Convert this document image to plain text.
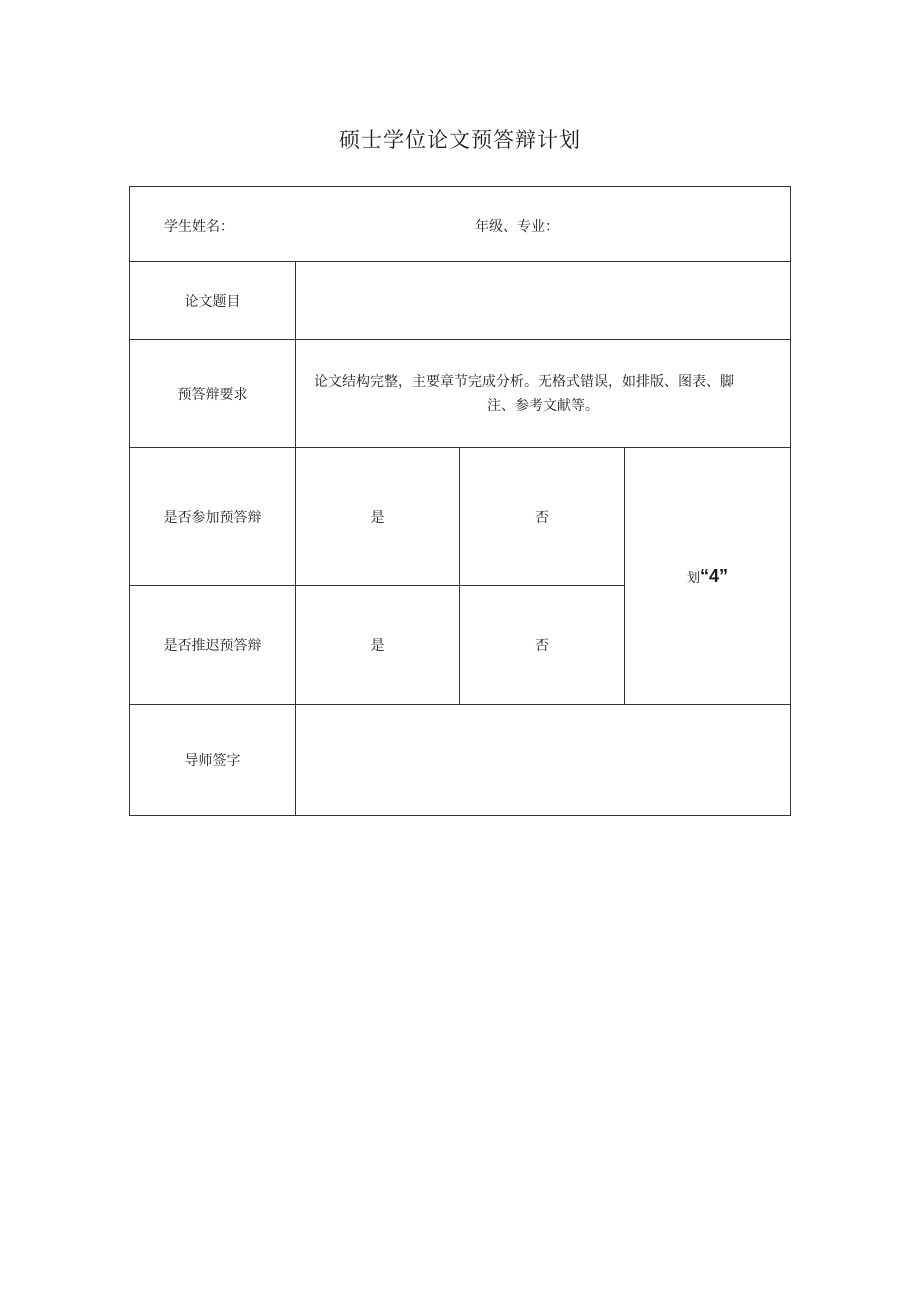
硕士学位论文预答辩计划
学生姓名： 年级、专业：			

论文题目			
预答辩要求	论文结构完整，主要章节完成分析。无格式错误，如排版、图表、脚
注、参考文献等。		

是否参加预答辩	是	否	划“4”
是否推迟预答辩	是	否	
导师签字			
